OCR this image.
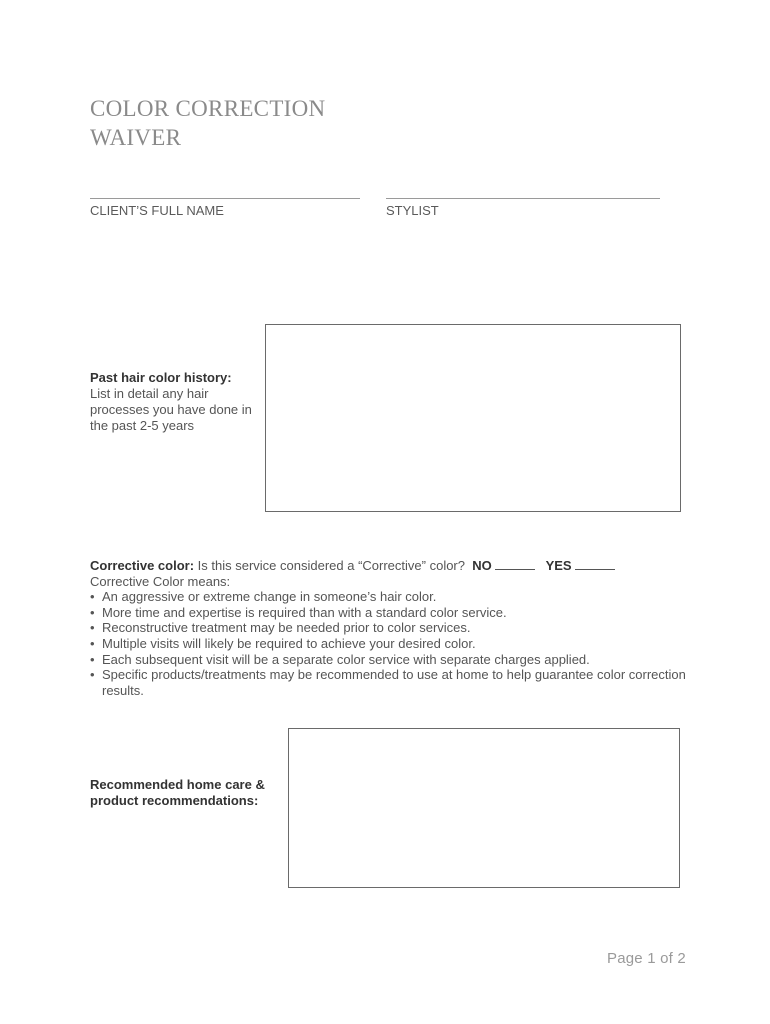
COLOR CORRECTION
WAIVER
CLIENT’S FULL NAME	STYLIST
Past hair color history:
List in detail any hair processes you have done in the past 2-5 years
Corrective color: Is this service considered a “Corrective” color? NO	YES
Corrective Color means:
• An aggressive or extreme change in someone’s hair color.
• More time and expertise is required than with a standard color service.
• Reconstructive treatment may be needed prior to color services.
• Multiple visits will likely be required to achieve your desired color.
• Each subsequent visit will be a separate color service with separate charges applied.
• Specific products/treatments may be recommended to use at home to help guarantee color correction results.
Recommended home care & product recommendations:
Page 1 of 2
